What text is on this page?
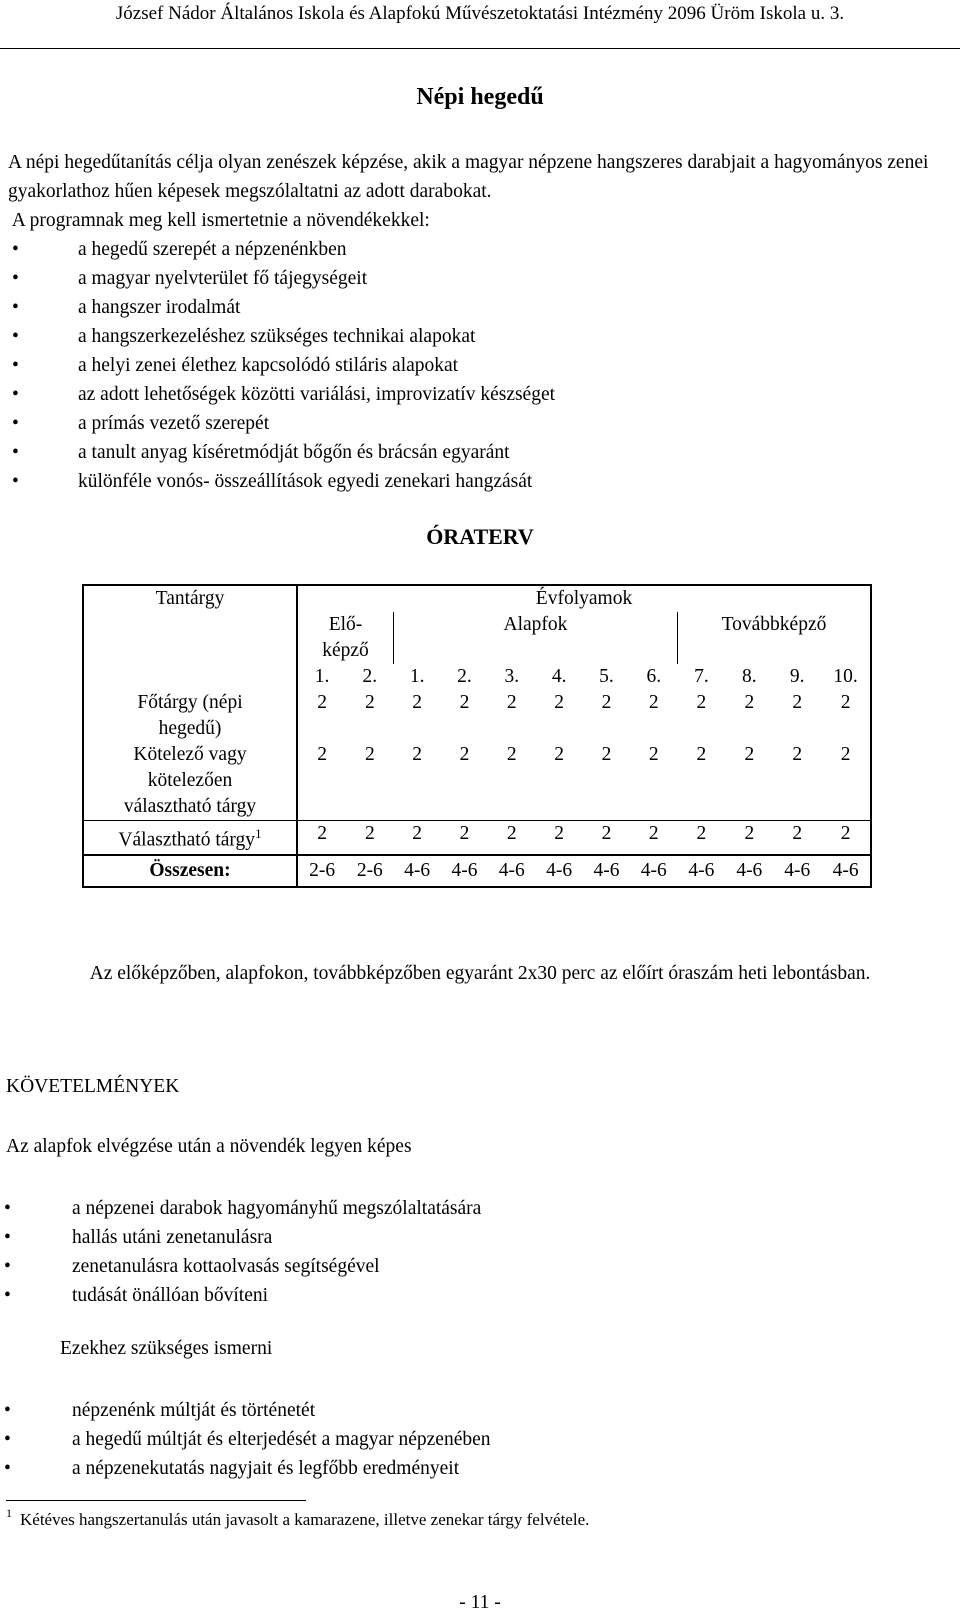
József Nádor Általános Iskola és Alapfokú Művészetoktatási Intézmény 2096 Üröm Iskola u. 3.
Népi hegedű
A népi hegedűtanítás célja olyan zenészek képzése, akik a magyar népzene hangszeres darabjait a hagyományos zenei gyakorlathoz hűen képesek megszólaltatni az adott darabokat.
A programnak meg kell ismertetnie a növendékekkel:
•	a hegedű szerepét a népzenénkben
•	a magyar nyelvterület fő tájegységeit
•	a hangszer irodalmát
•	a hangszerkezeléshez szükséges technikai alapokat
•	a helyi zenei élethez kapcsolódó stiláris alapokat
•	az adott lehetőségek közötti variálási, improvizatív készséget
•	a prímás vezető szerepét
•	a tanult anyag kíséretmódját bőgőn és brácsán egyaránt
•	különféle vonós- összeállítások egyedi zenekari hangzását
ÓRATERV
Tantárgy	Évfolyamok											
	Elő-
képző		Alapfok						Továbbképző			
	1.	2.	1.	2.	3.	4.	5.	6.	7.	8.	9.	10.
Főtárgy (népi
hegedű)	2	2	2	2	2	2	2	2	2	2	2	2
Kötelező vagy
kötelezően
választható tárgy	2	2	2	2	2	2	2	2	2	2	2	2
Választható tárgy$^1$	2	2	2	2	2	2	2	2	2	2	2	2
Összesen:	2-6	2-6	4-6	4-6	4-6	4-6	4-6	4-6	4-6	4-6	4-6	4-6
Az előképzőben, alapfokon, továbbképzőben egyaránt 2x30 perc az előírt óraszám heti lebontásban.
KÖVETELMÉNYEK
Az alapfok elvégzése után a növendék legyen képes
•	a népzenei darabok hagyományhű megszólaltatására
•	hallás utáni zenetanulásra
•	zenetanulásra kottaolvasás segítségével
•	tudását önállóan bővíteni
Ezekhez szükséges ismerni
•	népzenénk múltját és történetét
•	a hegedű múltját és elterjedését a magyar népzenében
•	a népzenekutatás nagyjait és legfőbb eredményeit
$^1$ Kétéves hangszertanulás után javasolt a kamarazene, illetve zenekar tárgy felvétele.
- 11 -
